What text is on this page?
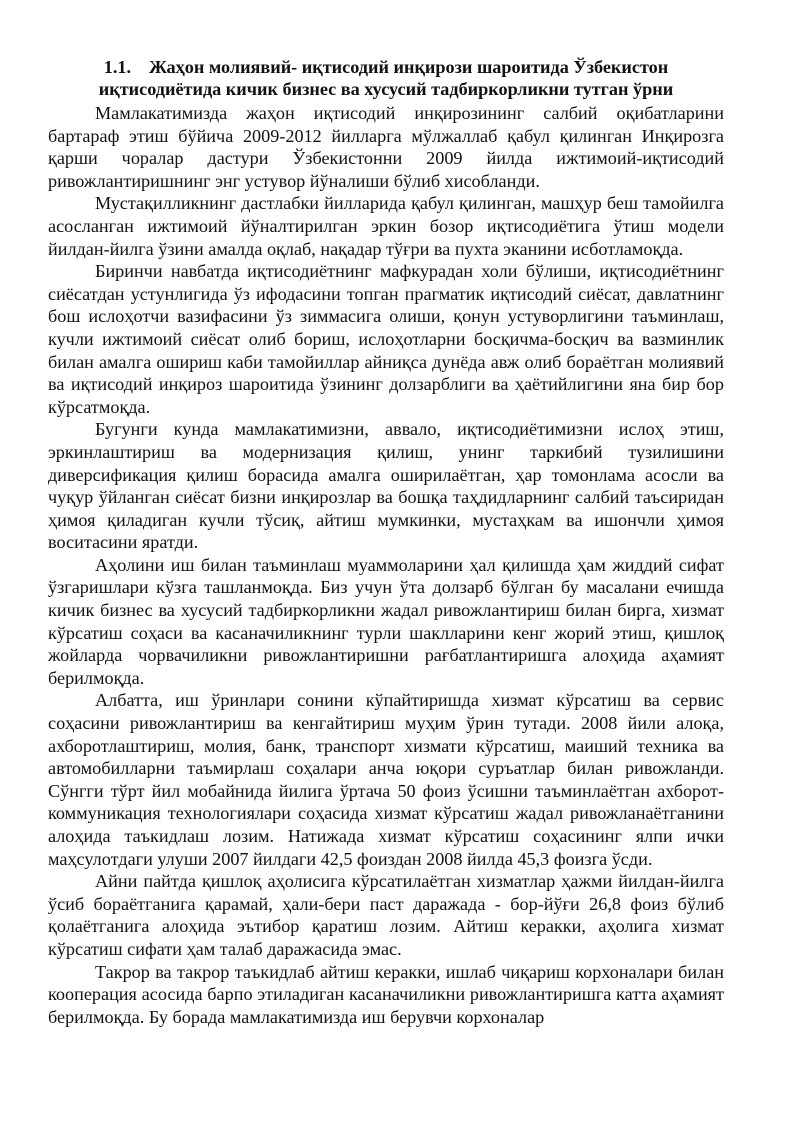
1.1. Жаҳон молиявий- иқтисодий инқирози шароитида Ўзбекистон иқтисодиётида кичик бизнес ва хусусий тадбиркорликни тутган ўрни

Мамлакатимизда жаҳон иқтисодий инқирозининг салбий оқибатларини бартараф этиш бўйича 2009-2012 йилларга мўлжаллаб қабул қилинган Инқирозга қарши чоралар дастури Ўзбекистонни 2009 йилда ижтимоий-иқтисодий ривожлантиришнинг энг устувор йўналиши бўлиб хисобланди.

Мустақилликнинг дастлабки йилларида қабул қилинган, машҳур беш тамойилга асосланган ижтимоий йўналтирилган эркин бозор иқтисодиётига ўтиш модели йилдан-йилга ўзини амалда оқлаб, нақадар тўғри ва пухта эканини исботламоқда.

Биринчи навбатда иқтисодиётнинг мафкурадан холи бўлиши, иқтисодиётнинг сиёсатдан устунлигида ўз ифодасини топган прагматик иқтисодий сиёсат, давлатнинг бош ислоҳотчи вазифасини ўз зиммасига олиши, қонун устуворлигини таъминлаш, кучли ижтимоий сиёсат олиб бориш, ислоҳотларни босқичма-босқич ва вазминлик билан амалга ошириш каби тамойиллар айниқса дунёда авж олиб бораётган молиявий ва иқтисодий инқироз шароитида ўзининг долзарблиги ва ҳаётийлигини яна бир бор кўрсатмоқда.

Бугунги кунда мамлакатимизни, аввало, иқтисодиётимизни ислоҳ этиш, эркинлаштириш ва модернизация қилиш, унинг таркибий тузилишини диверсификация қилиш борасида амалга оширилаётган, ҳар томонлама асосли ва чуқур ўйланган сиёсат бизни инқирозлар ва бошқа таҳдидларнинг салбий таъсиридан ҳимоя қиладиган кучли тўсиқ, айтиш мумкинки, мустаҳкам ва ишончли ҳимоя воситасини яратди.

Аҳолини иш билан таъминлаш муаммоларини ҳал қилишда ҳам жиддий сифат ўзгаришлари кўзга ташланмоқда. Биз учун ўта долзарб бўлган бу масалани ечишда кичик бизнес ва хусусий тадбиркорликни жадал ривожлантириш билан бирга, хизмат кўрсатиш соҳаси ва касаначиликнинг турли шаклларини кенг жорий этиш, қишлоқ жойларда чорвачиликни ривожлантиришни рағбатлантиришга алоҳида аҳамият берилмоқда.

Албатта, иш ўринлари сонини кўпайтиришда хизмат кўрсатиш ва сервис соҳасини ривожлантириш ва кенгайтириш муҳим ўрин тутади. 2008 йили алоқа, ахборотлаштириш, молия, банк, транспорт хизмати кўрсатиш, маиший техника ва автомобилларни таъмирлаш соҳалари анча юқори суръатлар билан ривожланди. Сўнгги тўрт йил мобайнида йилига ўртача 50 фоиз ўсишни таъминлаётган ахборот-коммуникация технологиялари соҳасида хизмат кўрсатиш жадал ривожланаётганини алоҳида таъкидлаш лозим. Натижада хизмат кўрсатиш соҳасининг ялпи ички маҳсулотдаги улуши 2007 йилдаги 42,5 фоиздан 2008 йилда 45,3 фоизга ўсди.

Айни пайтда қишлоқ аҳолисига кўрсатилаётган хизматлар ҳажми йилдан-йилга ўсиб бораётганига қарамай, ҳали-бери паст даражада - бор-йўғи 26,8 фоиз бўлиб қолаётганига алоҳида эътибор қаратиш лозим. Айтиш керакки, аҳолига хизмат кўрсатиш сифати ҳам талаб даражасида эмас.

Такрор ва такрор таъкидлаб айтиш керакки, ишлаб чиқариш корхоналари билан кооперация асосида барпо этиладиган касаначиликни ривожлантиришга катта аҳамият берилмоқда. Бу борада мамлакатимизда иш берувчи корхоналар
